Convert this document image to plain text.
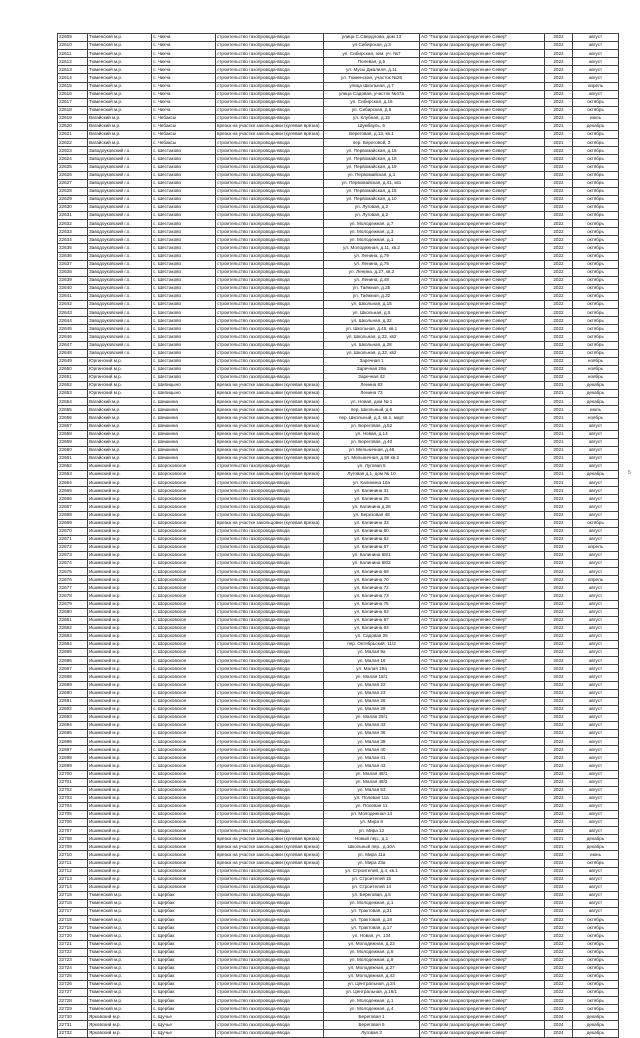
22609	Тюменский м.р.	с. Чикча	строительство газопровода-ввода	улица С.Свердлова, дом 13	АО "Газпром газораспределение Север"	2022	август
22610	Тюменский м.р.	с. Чикча	строительство газопровода-ввода	ул.Сибирская, д.3	АО "Газпром газораспределение Север"	2022	август
22611	Тюменский м.р.	с. Чикча	строительство газопровода-ввода	ул. Сибирская, зем. уч. №7	АО "Газпром газораспределение Север"	2022	август
22612	Тюменский м.р.	с. Чикча	строительство газопровода-ввода	Полевая, д.5	АО "Газпром газораспределение Север"	2022	август
22613	Тюменский м.р.	с. Чикча	строительство газопровода-ввода	ул. Мусы Джалиля, д.11	АО "Газпром газораспределение Север"	2022	август
22614	Тюменский м.р.	с. Чикча	строительство газопровода-ввода	ул. Тюменская, участок №26	АО "Газпром газораспределение Север"	2022	август
22615	Тюменский м.р.	с. Чикча	строительство газопровода-ввода	улица Школьная, д.7	АО "Газпром газораспределение Север"	2022	апрель
22616	Тюменский м.р.	с. Чикча	строительство газопровода-ввода	улица Садовая, участок №47а	АО "Газпром газораспределение Север"	2022	август
22617	Тюменский м.р.	с. Чикча	строительство газопровода-ввода	ул. Сибирская, д.16	АО "Газпром газораспределение Север"	2022	октябрь
22618	Тюменский м.р.	с. Чикча	строительство газопровода-ввода	ул. Сибирская, д.6	АО "Газпром газораспределение Север"	2022	октябрь
22619	Вагайский м.р.	с. Чебаксы	строительство газопровода-ввода	ул. Клубная, д.15	АО "Газпром газораспределение Север"	2022	июль
22620	Вагайский м.р.	с. Чебаксы	врезка на участке закольцовки (кулевая врезка)	Шумбауль, 6	АО "Газпром газораспределение Север"	2021	декабрь
22621	Вагайский м.р.	с. Чебаксы	врезка на участке закольцовки (кулевая врезка)	Береговая, д.13, кв.1	АО "Газпром газораспределение Север"	2022	октябрь
22622	Вагайский м.р.	с. Чебаксы	строительство газопровода-ввода	пер. Береговой, 3	АО "Газпром газораспределение Север"	2021	октябрь
22623	Заводоуковский г.о.	с. Шестаково	строительство газопровода-ввода	ул. Первомайская, д.16	АО "Газпром газораспределение Север"	2022	октябрь
22624	Заводоуковский г.о.	с. Шестаково	строительство газопровода-ввода	ул. Первомайская, д.18	АО "Газпром газораспределение Север"	2022	октябрь
22625	Заводоуковский г.о.	с. Шестаково	строительство газопровода-ввода	ул. Первомайская, д.19	АО "Газпром газораспределение Север"	2022	октябрь
22626	Заводоуковский г.о.	с. Шестаково	строительство газопровода-ввода	ул. Первомайская, д.1	АО "Газпром газораспределение Север"	2022	октябрь
22627	Заводоуковский г.о.	с. Шестаково	строительство газопровода-ввода	ул. Первомайская, д.41, кв1	АО "Газпром газораспределение Север"	2022	октябрь
22628	Заводоуковский г.о.	с. Шестаково	строительство газопровода-ввода	ул. Первомайская, д.15	АО "Газпром газораспределение Север"	2022	октябрь
22629	Заводоуковский г.о.	с. Шестаково	строительство газопровода-ввода	ул. Первомайская, д.10	АО "Газпром газораспределение Север"	2022	октябрь
22630	Заводоуковский г.о.	с. Шестаково	строительство газопровода-ввода	ул. Луговая, д.2	АО "Газпром газораспределение Север"	2022	октябрь
22631	Заводоуковский г.о.	с. Шестаково	строительство газопровода-ввода	ул. Луговая, д.2	АО "Газпром газораспределение Север"	2022	октябрь
22632	Заводоуковский г.о.	с. Шестаково	строительство газопровода-ввода	ул. Молодежная, д.7	АО "Газпром газораспределение Север"	2022	октябрь
22633	Заводоуковский г.о.	с. Шестаково	строительство газопровода-ввода	ул. Молодежная, д.3	АО "Газпром газораспределение Север"	2022	октябрь
22634	Заводоуковский г.о.	с. Шестаково	строительство газопровода-ввода	ул. Молодежная, д.1	АО "Газпром газораспределение Север"	2022	октябрь
22635	Заводоуковский г.о.	с. Шестаково	строительство газопровода-ввода	ул. Молодежная, д.11, кв.2	АО "Газпром газораспределение Север"	2022	октябрь
22636	Заводоуковский г.о.	с. Шестаково	строительство газопровода-ввода	ул. Ленина, д.79	АО "Газпром газораспределение Север"	2022	октябрь
22637	Заводоуковский г.о.	с. Шестаково	строительство газопровода-ввода	ул. Ленина, д.75	АО "Газпром газораспределение Север"	2022	октябрь
22638	Заводоуковский г.о.	с. Шестаково	строительство газопровода-ввода	ул. Ленина, д.27, кв.2	АО "Газпром газораспределение Север"	2022	октябрь
22639	Заводоуковский г.о.	с. Шестаково	строительство газопровода-ввода	ул. Ленина, д.48	АО "Газпром газораспределение Север"	2022	октябрь
22640	Заводоуковский г.о.	с. Шестаково	строительство газопровода-ввода	ул. Таёжная, д.25	АО "Газпром газораспределение Север"	2022	октябрь
22641	Заводоуковский г.о.	с. Шестаково	строительство газопровода-ввода	ул. Таёжная, д.32	АО "Газпром газораспределение Север"	2022	октябрь
22642	Заводоуковский г.о.	с. Шестаково	строительство газопровода-ввода	ул. Школьная, д.15	АО "Газпром газораспределение Север"	2022	октябрь
22643	Заводоуковский г.о.	с. Шестаково	строительство газопровода-ввода	ул. Школьная, д.5	АО "Газпром газораспределение Север"	2022	октябрь
22644	Заводоуковский г.о.	с. Шестаково	строительство газопровода-ввода	ул. Школьная, д.32	АО "Газпром газораспределение Север"	2022	октябрь
22645	Заводоуковский г.о.	с. Шестаково	строительство газопровода-ввода	ул. Школьная, д.45, кв.1	АО "Газпром газораспределение Север"	2022	октябрь
22646	Заводоуковский г.о.	с. Шестаково	строительство газопровода-ввода	ул. Школьная, д.32, кв2	АО "Газпром газораспределение Север"	2022	октябрь
22647	Заводоуковский г.о.	с. Шестаково	строительство газопровода-ввода	ул. Школьная, д.28	АО "Газпром газораспределение Север"	2022	октябрь
22648	Заводоуковский г.о.	с. Шестаково	строительство газопровода-ввода	ул. Школьная, д.32, кв2	АО "Газпром газораспределение Север"	2022	октябрь
22649	Юргинский м.р.	с. Шестаково	строительство газопровода-ввода	Заречная 1	АО "Газпром газораспределение Север"	2022	ноябрь
22650	Юргинский м.р.	с. Шестаково	строительство газопровода-ввода	Заречная 29а	АО "Газпром газораспределение Север"	2022	ноябрь
22651	Юргинский м.р.	с. Шестаково	строительство газопровода-ввода	Заречная 42	АО "Газпром газораспределение Север"	2022	ноябрь
22652	Юргинский м.р.	с. Шипицыно	врезка на участке закольцовки (кулевая врезка)	Ленина 83	АО "Газпром газораспределение Север"	2021	декабрь
22653	Юргинский м.р.	с. Шипицыно	врезка на участке закольцовки (кулевая врезка)	Ленина 73	АО "Газпром газораспределение Север"	2021	декабрь
22654	Вагайский м.р.	с. Шишкина	врезка на участке закольцовки (кулевая врезка)	ул. Новая, дом № 1	АО "Газпром газораспределение Север"	2021	декабрь
22655	Вагайский м.р.	с. Шишкина	врезка на участке закольцовки (кулевая врезка)	пер. Школьный, д.6	АО "Газпром газораспределение Север"	2021	июль
22656	Вагайский м.р.	с. Шишкина	врезка на участке закольцовки (кулевая врезка)	пер. Школьный, д.3, кв.1, март	АО "Газпром газораспределение Север"	2021	ноябрь
22657	Вагайский м.р.	с. Шишкина	врезка на участке закольцовки (кулевая врезка)	ул. Береговая, д.52	АО "Газпром газораспределение Север"	2021	август
22658	Вагайский м.р.	с. Шишкина	врезка на участке закольцовки (кулевая врезка)	ул. Новая, д.14	АО "Газпром газораспределение Север"	2021	август
22659	Вагайский м.р.	с. Шишкина	врезка на участке закольцовки (кулевая врезка)	ул. Береговая, д.40	АО "Газпром газораспределение Север"	2021	август
22660	Вагайский м.р.	с. Шишкина	врезка на участке закольцовки (кулевая врезка)	ул. Мельничная, д.46	АО "Газпром газораспределение Север"	2021	август
22661	Вагайский м.р.	с. Шишкина	врезка на участке закольцовки (кулевая врезка)	ул. Мельничная, д.56 кв.2	АО "Газпром газораспределение Север"	2021	август
22662	Ишимский м.р.	с. Шороховское	строительство газопровода-ввода	ул. Луговая 5	АО "Газпром газораспределение Север"	2022	август
22663	Ишимский м.р.	с. Шороховское	врезка на участке закольцовки (кулевая врезка)	Луговая д.1, дом № 10	АО "Газпром газораспределение Север"	2021	декабрь
22664	Ишимский м.р.	с. Шороховское	строительство газопровода-ввода	ул. Калинина 10а	АО "Газпром газораспределение Север"	2021	август
22665	Ишимский м.р.	с. Шороховское	строительство газопровода-ввода	ул. Калинина 31	АО "Газпром газораспределение Север"	2021	август
22666	Ишимский м.р.	с. Шороховское	строительство газопровода-ввода	ул. Калинина 25	АО "Газпром газораспределение Север"	2022	август
22667	Ишимский м.р.	с. Шороховское	строительство газопровода-ввода	ул. Калинина д.28	АО "Газпром газораспределение Север"	2022	август
22668	Ишимский м.р.	с. Шороховское	строительство газопровода-ввода	ул. Березовая 48	АО "Газпром газораспределение Север"	2022	август
22669	Ишимский м.р.	с. Шороховское	врезка на участке закольцовки (кулевая врезка)	ул. Калинина 33	АО "Газпром газораспределение Север"	2022	октябрь
22670	Ишимский м.р.	с. Шороховское	строительство газопровода-ввода	ул. Калинина 60	АО "Газпром газораспределение Север"	2022	август
22671	Ишимский м.р.	с. Шороховское	строительство газопровода-ввода	ул. Калинина 62	АО "Газпром газораспределение Север"	2022	август
22672	Ишимский м.р.	с. Шороховское	строительство газопровода-ввода	ул. Калинина 67	АО "Газпром газораспределение Север"	2022	апрель
22673	Ишимский м.р.	с. Шороховское	строительство газопровода-ввода	ул. Калинина 68/1	АО "Газпром газораспределение Север"	2022	август
22674	Ишимский м.р.	с. Шороховское	строительство газопровода-ввода	ул. Калинина 68/2	АО "Газпром газораспределение Север"	2022	август
22675	Ишимский м.р.	с. Шороховское	строительство газопровода-ввода	ул. Калинина 69	АО "Газпром газораспределение Север"	2022	август
22676	Ишимский м.р.	с. Шороховское	строительство газопровода-ввода	ул. Калинина 70	АО "Газпром газораспределение Север"	2022	апрель
22677	Ишимский м.р.	с. Шороховское	строительство газопровода-ввода	ул. Калинина 72	АО "Газпром газораспределение Север"	2022	август
22678	Ишимский м.р.	с. Шороховское	строительство газопровода-ввода	ул. Калинина 73	АО "Газпром газораспределение Север"	2022	август
22679	Ишимский м.р.	с. Шороховское	строительство газопровода-ввода	ул. Калинина 75	АО "Газпром газораспределение Север"	2022	август
22680	Ишимский м.р.	с. Шороховское	строительство газопровода-ввода	ул. Калинина 83	АО "Газпром газораспределение Север"	2022	август
22681	Ишимский м.р.	с. Шороховское	строительство газопровода-ввода	ул. Калинина 87	АО "Газпром газораспределение Север"	2022	август
22682	Ишимский м.р.	с. Шороховское	строительство газопровода-ввода	ул. Калинина 93	АО "Газпром газораспределение Север"	2022	август
22683	Ишимский м.р.	с. Шороховское	строительство газопровода-ввода	ул. Садовая 25	АО "Газпром газораспределение Север"	2022	август
22684	Ишимский м.р.	с. Шороховское	строительство газопровода-ввода	пер. Октябрьский, 11/2	АО "Газпром газораспределение Север"	2022	август
22685	Ишимский м.р.	с. Шороховское	строительство газопровода-ввода	ул. Малая 9а	АО "Газпром газораспределение Север"	2022	август
22686	Ишимский м.р.	с. Шороховское	строительство газопровода-ввода	ул. Малая 16	АО "Газпром газораспределение Север"	2022	август
22687	Ишимский м.р.	с. Шороховское	строительство газопровода-ввода	ул. Малая 19а	АО "Газпром газораспределение Север"	2022	август
22688	Ишимский м.р.	с. Шороховское	строительство газопровода-ввода	ул. Малая 18/1	АО "Газпром газораспределение Север"	2022	август
22689	Ишимский м.р.	с. Шороховское	строительство газопровода-ввода	ул. Малая 22	АО "Газпром газораспределение Север"	2022	август
22690	Ишимский м.р.	с. Шороховское	строительство газопровода-ввода	ул. Малая 23	АО "Газпром газораспределение Север"	2022	август
22691	Ишимский м.р.	с. Шороховское	строительство газопровода-ввода	ул. Малая 26	АО "Газпром газораспределение Север"	2022	август
22692	Ишимский м.р.	с. Шороховское	строительство газопровода-ввода	ул. Малая 29	АО "Газпром газораспределение Север"	2022	август
22693	Ишимский м.р.	с. Шороховское	строительство газопровода-ввода	ул. Малая 29/1	АО "Газпром газораспределение Север"	2022	август
22694	Ишимский м.р.	с. Шороховское	строительство газопровода-ввода	ул. Малая 33	АО "Газпром газораспределение Север"	2022	август
22695	Ишимский м.р.	с. Шороховское	строительство газопровода-ввода	ул. Малая 36	АО "Газпром газораспределение Север"	2022	август
22696	Ишимский м.р.	с. Шороховское	строительство газопровода-ввода	ул. Малая 38	АО "Газпром газораспределение Север"	2022	август
22697	Ишимский м.р.	с. Шороховское	строительство газопровода-ввода	ул. Малая 40	АО "Газпром газораспределение Север"	2022	август
22698	Ишимский м.р.	с. Шороховское	строительство газопровода-ввода	ул. Малая 41	АО "Газпром газораспределение Север"	2022	август
22699	Ишимский м.р.	с. Шороховское	строительство газопровода-ввода	ул. Малая 43	АО "Газпром газораспределение Север"	2022	август
22700	Ишимский м.р.	с. Шороховское	строительство газопровода-ввода	ул. Малая 48/1	АО "Газпром газораспределение Север"	2022	август
22701	Ишимский м.р.	с. Шороховское	строительство газопровода-ввода	ул. Малая 48/2	АО "Газпром газораспределение Север"	2022	август
22702	Ишимский м.р.	с. Шороховское	строительство газопровода-ввода	ул. Малая 53	АО "Газпром газораспределение Север"	2022	август
22703	Ишимский м.р.	с. Шороховское	строительство газопровода-ввода	ул. Полевая 11а	АО "Газпром газораспределение Север"	2022	август
22704	Ишимский м.р.	с. Шороховское	строительство газопровода-ввода	ул. Полевая 11	АО "Газпром газораспределение Север"	2022	август
22705	Ишимский м.р.	с. Шороховское	строительство газопровода-ввода	ул. Молодежная 14	АО "Газпром газораспределение Север"	2022	август
22706	Ишимский м.р.	с. Шороховское	строительство газопровода-ввода	ул. Мира 8	АО "Газпром газораспределение Север"	2022	август
22707	Ишимский м.р.	с. Шороховское	строительство газопровода-ввода	ул. Мира 12	АО "Газпром газораспределение Север"	2022	август
22708	Ишимский м.р.	с. Шороховское	врезка на участке закольцовки (кулевая врезка)	Новый пер., д.1	АО "Газпром газораспределение Север"	2021	декабрь
22709	Ишимский м.р.	с. Шороховское	врезка на участке закольцовки (кулевая врезка)	Школьный пер., д.10А	АО "Газпром газораспределение Север"	2021	декабрь
22710	Ишимский м.р.	с. Шороховское	врезка на участке закольцовки (кулевая врезка)	ул. Мира 11а	АО "Газпром газораспределение Север"	2022	июнь
22711	Ишимский м.р.	с. Шороховское	врезка на участке закольцовки (кулевая врезка)	ул. Мира 23а	АО "Газпром газораспределение Север"	2022	октябрь
22712	Ишимский м.р.	с. Шороховское	строительство газопровода-ввода	ул. Строителей, д.4, кв.1	АО "Газпром газораспределение Север"	2022	август
22713	Ишимский м.р.	с. Шороховское	строительство газопровода-ввода	ул. Строителей 15	АО "Газпром газораспределение Север"	2022	август
22714	Ишимский м.р.	с. Шороховское	строительство газопровода-ввода	ул. Строителей 14	АО "Газпром газораспределение Север"	2022	август
22715	Тюменский м.р.	с. Щербак	строительство газопровода-ввода	ул. Береговая, д.5	АО "Газпром газораспределение Север"	2022	август
22716	Тюменский м.р.	с. Щербак	строительство газопровода-ввода	ул. Молодежная, д.1	АО "Газпром газораспределение Север"	2022	август
22717	Тюменский м.р.	с. Щербак	строительство газопровода-ввода	ул. Трактовая, д.31	АО "Газпром газораспределение Север"	2022	август
22718	Тюменский м.р.	с. Щербак	строительство газопровода-ввода	ул. Трактовая, д.18	АО "Газпром газораспределение Север"	2022	октябрь
22719	Тюменский м.р.	с. Щербак	строительство газопровода-ввода	ул. Трактовая, д.17	АО "Газпром газораспределение Север"	2022	октябрь
22720	Тюменский м.р.	с. Щербак	строительство газопровода-ввода	ул. Новая, уч. 134	АО "Газпром газораспределение Север"	2022	октябрь
22721	Тюменский м.р.	с. Щербак	строительство газопровода-ввода	ул. Молодежная, д.23	АО "Газпром газораспределение Север"	2022	октябрь
22722	Тюменский м.р.	с. Щербак	строительство газопровода-ввода	ул. Молодежная, д.6	АО "Газпром газораспределение Север"	2022	октябрь
22723	Тюменский м.р.	с. Щербак	строительство газопровода-ввода	ул. Молодежная, д.9	АО "Газпром газораспределение Север"	2022	октябрь
22724	Тюменский м.р.	с. Щербак	строительство газопровода-ввода	ул. Молодежная, д.27	АО "Газпром газораспределение Север"	2022	октябрь
22725	Тюменский м.р.	с. Щербак	строительство газопровода-ввода	ул. Молодежная, д.43	АО "Газпром газораспределение Север"	2022	октябрь
22726	Тюменский м.р.	с. Щербак	строительство газопровода-ввода	ул. Центральная, д.24	АО "Газпром газораспределение Север"	2022	октябрь
22727	Тюменский м.р.	с. Щербак	строительство газопровода-ввода	ул. Центральная, д.16/1	АО "Газпром газораспределение Север"	2022	октябрь
22728	Тюменский м.р.	с. Щербак	строительство газопровода-ввода	ул. Молодежная, д.1	АО "Газпром газораспределение Север"	2022	октябрь
22729	Тюменский м.р.	с. Щербак	строительство газопровода-ввода	ул. Молодежная, д.4	АО "Газпром газораспределение Север"	2022	октябрь
22730	Ярковский м.р.	с. Щучье	строительство газопровода-ввода	Береговая 1	АО "Газпром газораспределение Север"	2024	декабрь
22731	Ярковский м.р.	с. Щучье	строительство газопровода-ввода	Береговая 5	АО "Газпром газораспределение Север"	2024	декабрь
22732	Ярковский м.р.	с. Щучье	строительство газопровода-ввода	Луговая 3	АО "Газпром газораспределение Север"	2024	декабрь
5
